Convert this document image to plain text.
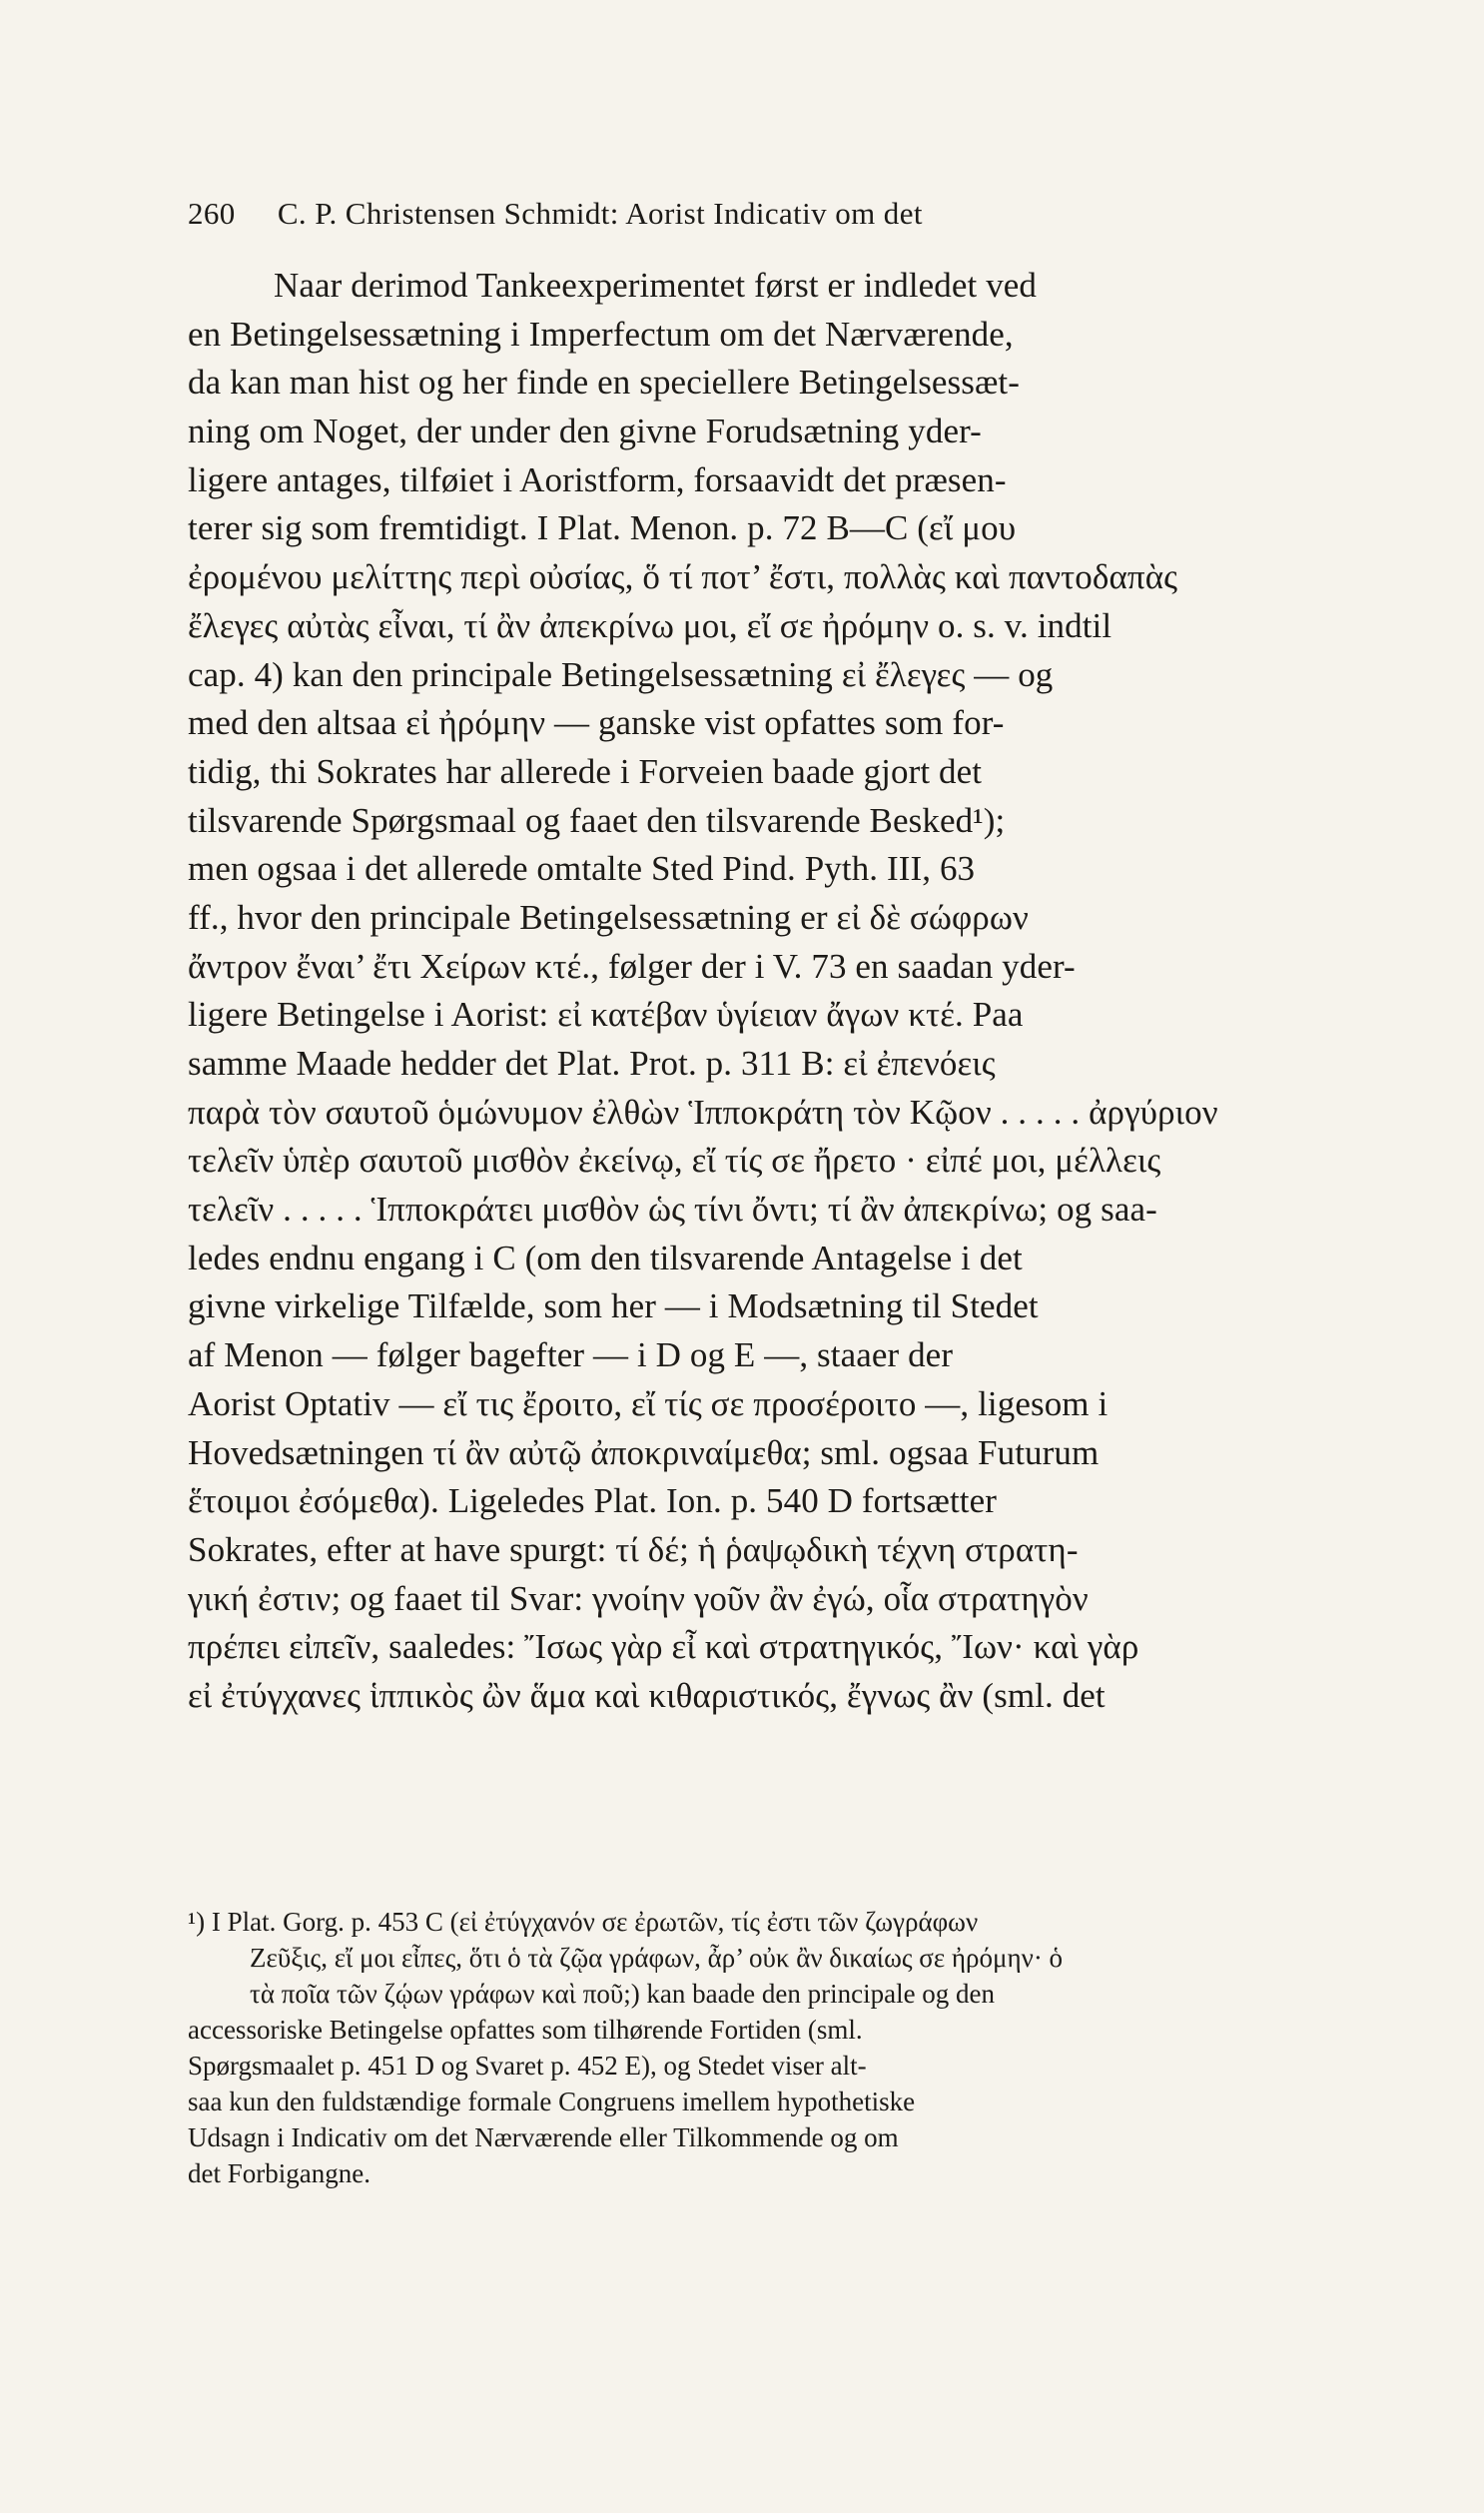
260 C. P. Christensen Schmidt: Aorist Indicativ om det
Naar derimod Tankeexperimentet først er indledet ved
en Betingelsessætning i Imperfectum om det Nærværende,
da kan man hist og her finde en speciellere Betingelsessæt-
ning om Noget, der under den givne Forudsætning yder-
ligere antages, tilføiet i Aoristform, forsaavidt det præsen-
terer sig som fremtidigt. I Plat. Menon. p. 72 B—C (εἴ μου
ἐρομένου μελίττης περὶ οὐσίας, ὅ τί ποτ’ ἔστι, πολλὰς καὶ παντοδαπὰς
ἔλεγες αὐτὰς εἶναι, τί ἂν ἀπεκρίνω μοι, εἴ σε ἠρόμην o. s. v. indtil
cap. 4) kan den principale Betingelsessætning εἰ ἔλεγες — og
med den altsaa εἰ ἠρόμην — ganske vist opfattes som for-
tidig, thi Sokrates har allerede i Forveien baade gjort det
tilsvarende Spørgsmaal og faaet den tilsvarende Besked¹);
men ogsaa i det allerede omtalte Sted Pind. Pyth. III, 63
ff., hvor den principale Betingelsessætning er εἰ δὲ σώφρων
ἄντρον ἔναι’ ἔτι Χείρων κτέ., følger der i V. 73 en saadan yder-
ligere Betingelse i Aorist: εἰ κατέβαν ὑγίειαν ἄγων κτέ. Paa
samme Maade hedder det Plat. Prot. p. 311 B: εἰ ἐπενόεις
παρὰ τὸν σαυτοῦ ὁμώνυμον ἐλθὼν Ἱπποκράτη τὸν Κῷον . . . . . ἀργύριον
τελεῖν ὑπὲρ σαυτοῦ μισθὸν ἐκείνῳ, εἴ τίς σε ἤρετο · εἰπέ μοι, μέλλεις
τελεῖν . . . . . Ἱπποκράτει μισθὸν ὡς τίνι ὄντι; τί ἂν ἀπεκρίνω; og saa-
ledes endnu engang i C (om den tilsvarende Antagelse i det
givne virkelige Tilfælde, som her — i Modsætning til Stedet
af Menon — følger bagefter — i D og E —, staaer der
Aorist Optativ — εἴ τις ἔροιτο, εἴ τίς σε προσέροιτο —, ligesom i
Hovedsætningen τί ἂν αὐτῷ ἀποκριναίμεθα; sml. ogsaa Futurum
ἕτοιμοι ἐσόμεθα). Ligeledes Plat. Ion. p. 540 D fortsætter
Sokrates, efter at have spurgt: τί δέ; ἡ ῥαψῳδικὴ τέχνη στρατη-
γική ἐστιν; og faaet til Svar: γνοίην γοῦν ἂν ἐγώ, οἷα στρατηγὸν
πρέπει εἰπεῖν, saaledes: Ἴσως γὰρ εἶ καὶ στρατηγικός, Ἴων· καὶ γὰρ
εἰ ἐτύγχανες ἱππικὸς ὢν ἅμα καὶ κιθαριστικός, ἔγνως ἂν (sml. det
¹) I Plat. Gorg. p. 453 C (εἰ ἐτύγχανόν σε ἐρωτῶν, τίς ἐστι τῶν ζωγράφων
Ζεῦξις, εἴ μοι εἶπες, ὅτι ὁ τὰ ζῷα γράφων, ἆρ’ οὐκ ἂν δικαίως σε ἠρόμην· ὁ
τὰ ποῖα τῶν ζῴων γράφων καὶ ποῦ;) kan baade den principale og den
accessoriske Betingelse opfattes som tilhørende Fortiden (sml.
Spørgsmaalet p. 451 D og Svaret p. 452 E), og Stedet viser alt-
saa kun den fuldstændige formale Congruens imellem hypothetiske
Udsagn i Indicativ om det Nærværende eller Tilkommende og om
det Forbigangne.
